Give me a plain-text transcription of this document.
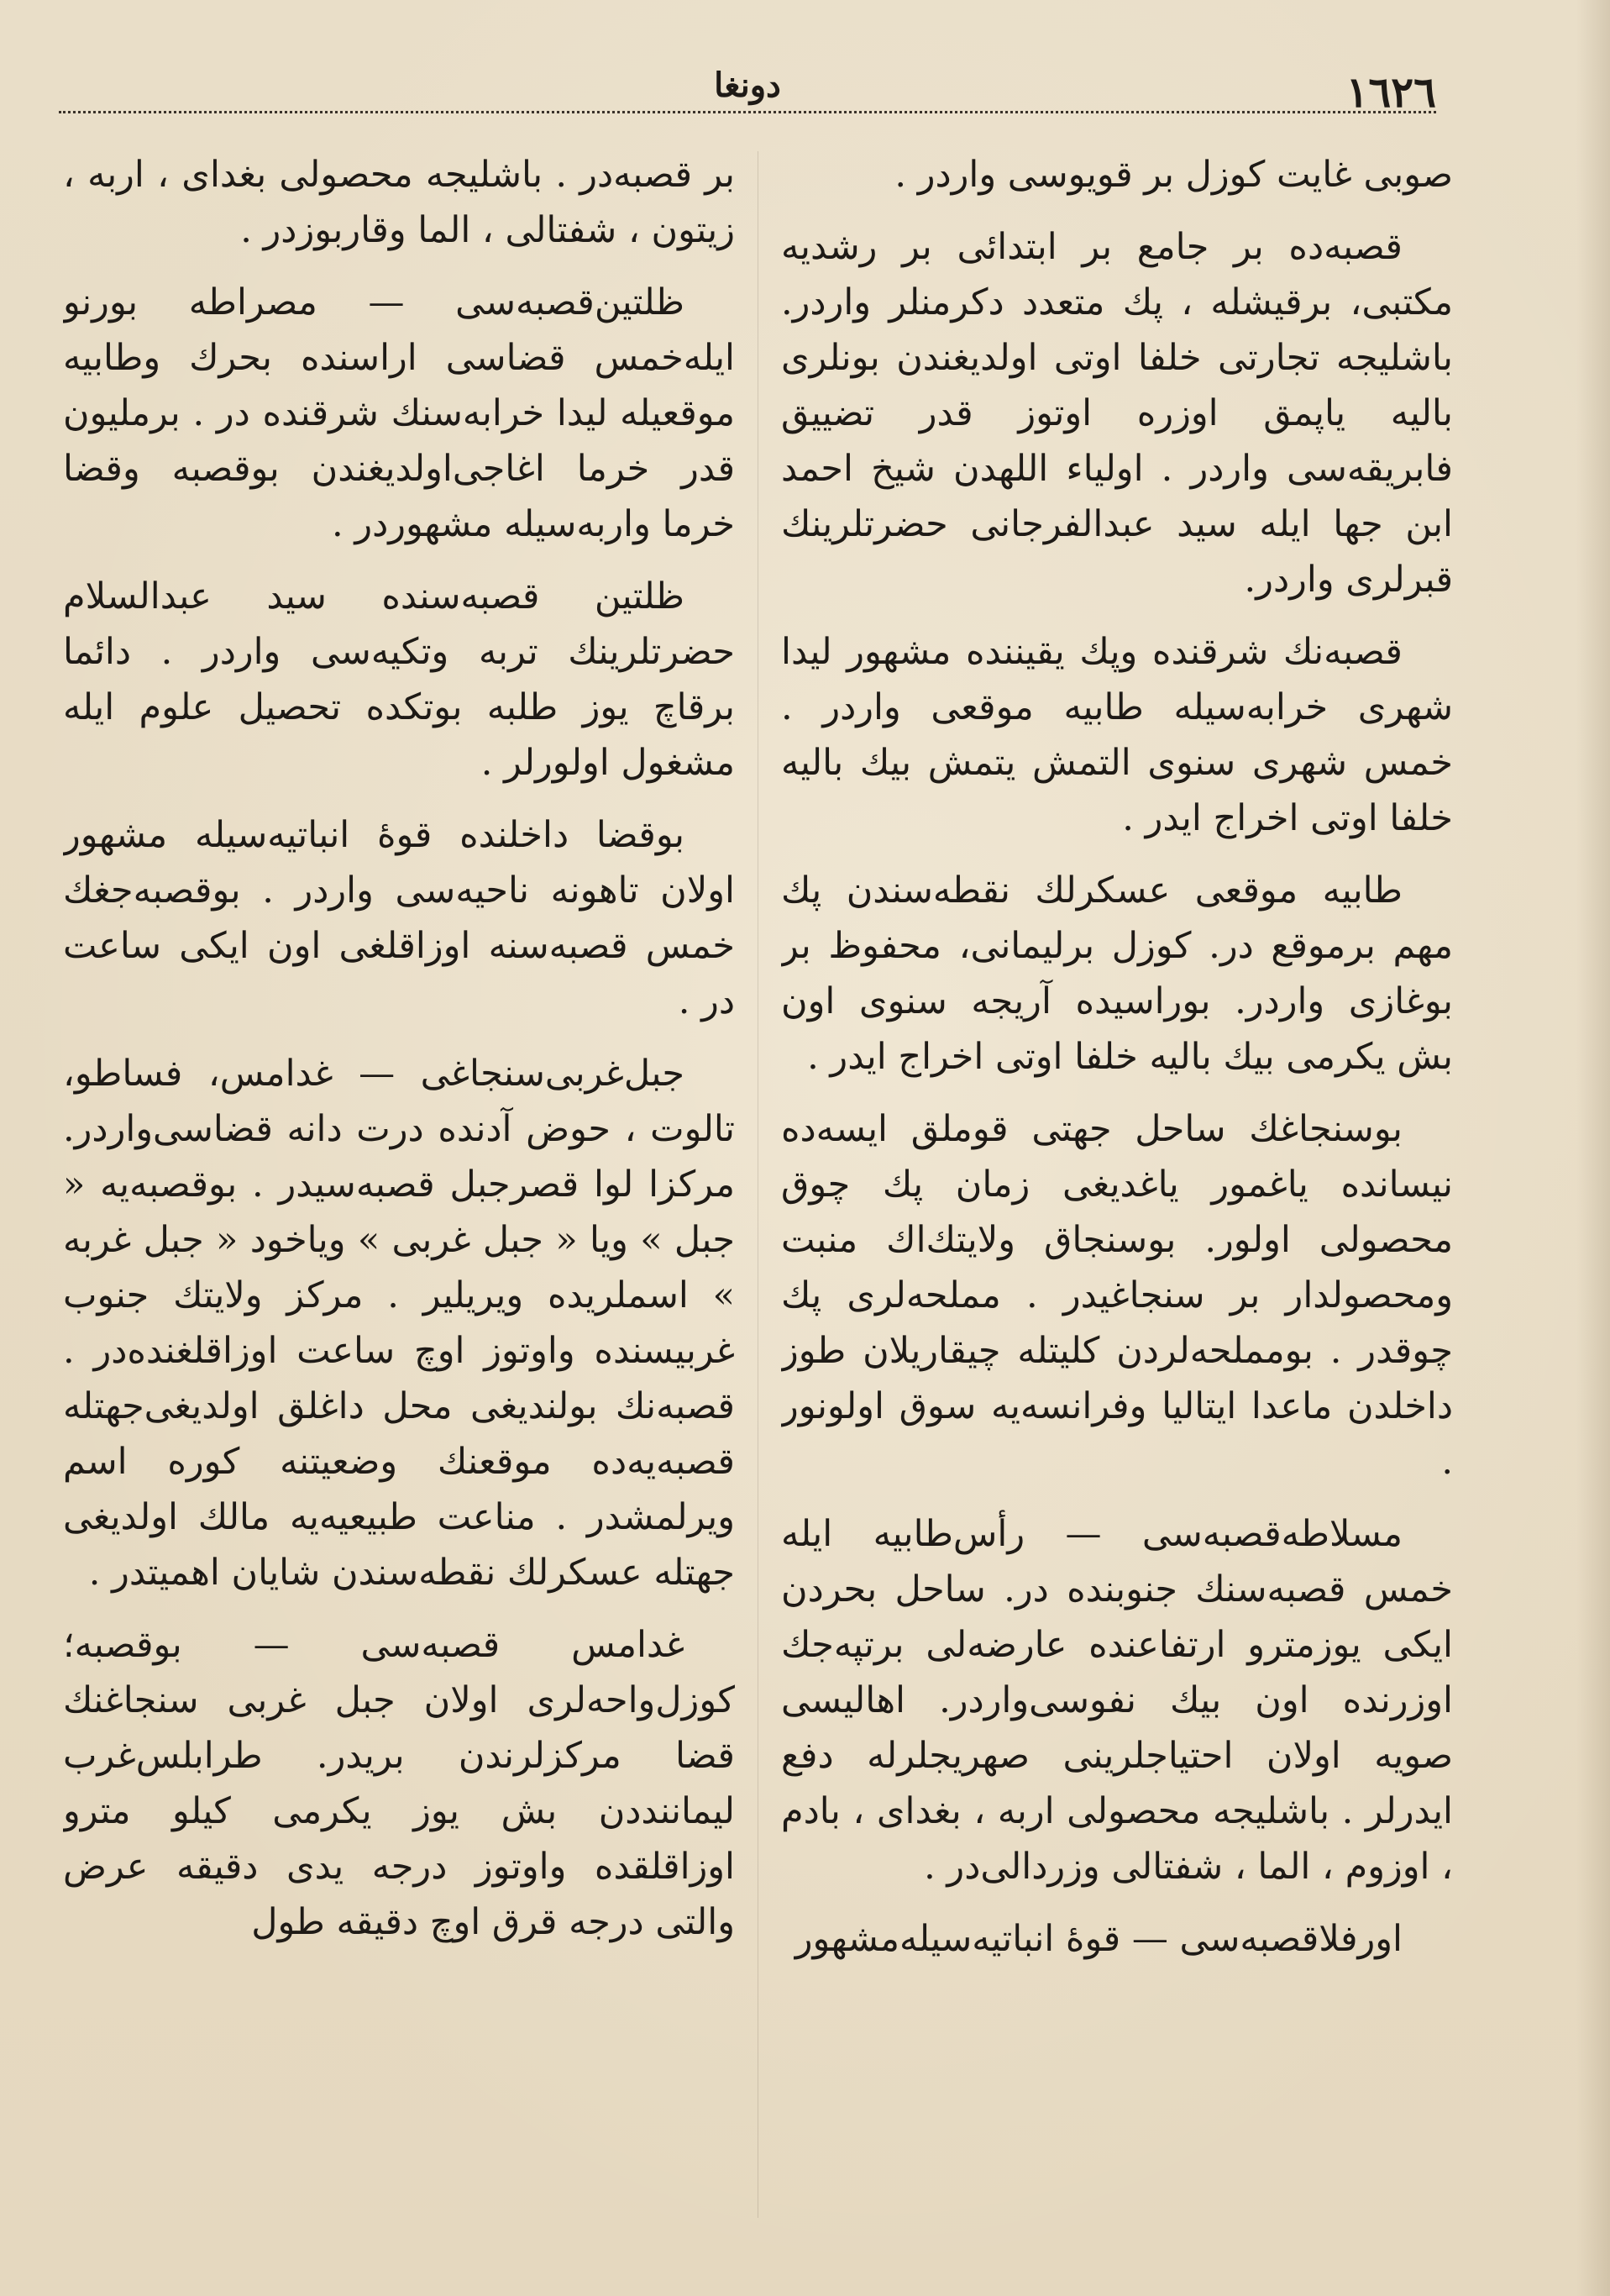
١٦٢٦
دونغا

صوبی غایت کوزل بر قویوسی واردر .

قصبه‌ده بر جامع بر ابتدائی بر رشدیه مکتبی، برقیشله ، پك متعدد دکرمنلر واردر. باشلیجه تجارتی خلفا اوتی اولدیغندن بونلری بالیه یاپمق اوزره اوتوز قدر تضییق فابریقه‌سی واردر . اولیاء اللهدن شیخ احمد ابن جها ایله سید عبدالفرجانی حضرتلرینك قبرلری واردر.

قصبه‌نك شرقنده وپك یقیننده مشهور لیدا شهری خرابه‌سیله طابیه موقعی واردر . خمس شهری سنوی التمش یتمش بیك بالیه خلفا اوتی اخراج ایدر .

طابیه موقعی عسکرلك نقطه‌سندن پك مهم برموقع در. کوزل برلیمانی، محفوظ بر بوغازی واردر. بوراسیده آریجه سنوی اون بش یکرمی بیك بالیه خلفا اوتی اخراج ایدر .

بوسنجاغك ساحل جهتی قوملق ایسه‌ده نیسانده یاغمور یاغدیغی زمان پك چوق محصولی اولور. بوسنجاق ولایتك‌اك منبت ومحصولدار بر سنجاغیدر . مملحه‌لری پك چوقدر . بومملحه‌لردن کلیتله چیقاریلان طوز داخلدن ماعدا ایتالیا وفرانسه‌یه سوق اولونور .

مسلاطه‌قصبه‌سی — رأس‌طابیه ایله خمس قصبه‌سنك جنوبنده در. ساحل بحردن ایکی یوزمترو ارتفاعنده عارضه‌لی برتپه‌جك اوزرنده اون بیك نفوسی‌واردر. اهالیسی صویه اولان احتیاجلرینی صهریجلرله دفع ایدرلر . باشلیجه محصولی اربه ، بغدای ، بادم ، اوزوم ، الما ، شفتالی وزردالی‌در .

اورفلاقصبه‌سی — قوهٔ انباتیه‌سیله‌مشهور

بر قصبه‌در . باشلیجه محصولی بغدای ، اربه ، زیتون ، شفتالی ، الما وقاربوزدر .

ظلتین‌قصبه‌سی — مصراطه بورنو ایله‌خمس قضاسی اراسنده بحرك وطابیه موقعیله لیدا خرابه‌سنك شرقنده در . برملیون قدر خرما اغاجی‌اولدیغندن بوقصبه وقضا خرما واربه‌سیله مشهوردر .

ظلتین قصبه‌سنده سید عبدالسلام حضرتلرینك تربه وتکیه‌سی واردر . دائما برقاچ یوز طلبه بوتکده تحصیل علوم ایله مشغول اولورلر .

بوقضا داخلنده قوهٔ انباتیه‌سیله مشهور اولان تاهونه ناحیه‌سی واردر . بوقصبه‌جغك خمس قصبه‌سنه اوزاقلغی اون ایکی ساعت در .

جبل‌غربی‌سنجاغی — غدامس، فساطو، تالوت ، حوض آدنده درت دانه قضاسی‌واردر. مرکزا لوا قصرجبل قصبه‌سیدر . بوقصبه‌یه « جبل » ویا « جبل غربی » ویاخود « جبل غربه » اسملریده ویریلیر . مرکز ولایتك جنوب غربیسنده واوتوز اوچ ساعت اوزاقلغنده‌در . قصبه‌نك بولندیغی محل داغلق اولدیغی‌جهتله قصبه‌یه‌ده موقعنك وضعیتنه کوره اسم ویرلمشدر . مناعت طبیعیه‌یه مالك اولدیغی جهتله عسکرلك نقطه‌سندن شایان اهمیتدر .

غدامس قصبه‌سی — بوقصبه؛کوزل‌واحه‌لری اولان جبل غربی سنجاغنك قضا مرکزلرندن بریدر. طرابلس‌غرب لیماننددن بش یوز یکرمی کیلو مترو اوزاقلقده واوتوز درجه یدی دقیقه عرض والتی درجه قرق اوچ دقیقه طول
